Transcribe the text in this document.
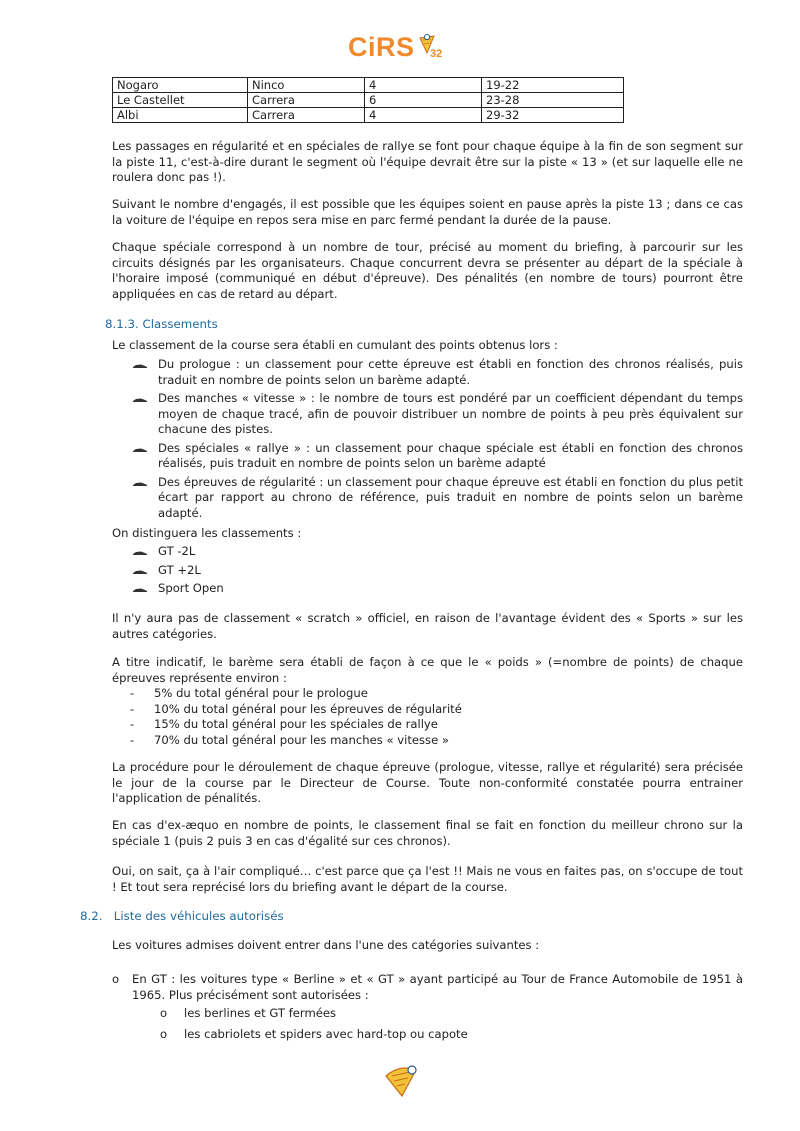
CiRS 32
Nogaro	Ninco	4	19-22
Le Castellet	Carrera	6	23-28
Albi	Carrera	4	29-32
Les passages en régularité et en spéciales de rallye se font pour chaque équipe à la fin de son segment sur la piste 11, c'est-à-dire durant le segment où l'équipe devrait être sur la piste « 13 » (et sur laquelle elle ne roulera donc pas !).
Suivant le nombre d'engagés, il est possible que les équipes soient en pause après la piste 13 ; dans ce cas la voiture de l'équipe en repos sera mise en parc fermé pendant la durée de la pause.
Chaque spéciale correspond à un nombre de tour, précisé au moment du briefing, à parcourir sur les circuits désignés par les organisateurs. Chaque concurrent devra se présenter au départ de la spéciale à l'horaire imposé (communiqué en début d'épreuve). Des pénalités (en nombre de tours) pourront être appliquées en cas de retard au départ.
8.1.3. Classements
Le classement de la course sera établi en cumulant des points obtenus lors :
Du prologue : un classement pour cette épreuve est établi en fonction des chronos réalisés, puis traduit en nombre de points selon un barème adapté.
Des manches « vitesse » : le nombre de tours est pondéré par un coefficient dépendant du temps moyen de chaque tracé, afin de pouvoir distribuer un nombre de points à peu près équivalent sur chacune des pistes.
Des spéciales « rallye » : un classement pour chaque spéciale est établi en fonction des chronos réalisés, puis traduit en nombre de points selon un barème adapté
Des épreuves de régularité : un classement pour chaque épreuve est établi en fonction du plus petit écart par rapport au chrono de référence, puis traduit en nombre de points selon un barème adapté.
On distinguera les classements :
GT -2L
GT +2L
Sport Open
Il n'y aura pas de classement « scratch » officiel, en raison de l'avantage évident des « Sports » sur les autres catégories.
A titre indicatif, le barème sera établi de façon à ce que le « poids » (=nombre de points) de chaque épreuves représente environ :
- 5% du total général pour le prologue
- 10% du total général pour les épreuves de régularité
- 15% du total général pour les spéciales de rallye
- 70% du total général pour les manches « vitesse »
La procédure pour le déroulement de chaque épreuve (prologue, vitesse, rallye et régularité) sera précisée le jour de la course par le Directeur de Course. Toute non-conformité constatée pourra entrainer l'application de pénalités.
En cas d'ex-æquo en nombre de points, le classement final se fait en fonction du meilleur chrono sur la spéciale 1 (puis 2 puis 3 en cas d'égalité sur ces chronos).
Oui, on sait, ça à l'air compliqué… c'est parce que ça l'est !! Mais ne vous en faites pas, on s'occupe de tout ! Et tout sera reprécisé lors du briefing avant le départ de la course.
8.2. Liste des véhicules autorisés
Les voitures admises doivent entrer dans l'une des catégories suivantes :
o	En GT : les voitures type « Berline » et « GT » ayant participé au Tour de France Automobile de 1951 à 1965. Plus précisément sont autorisées :
o	les berlines et GT fermées
o	les cabriolets et spiders avec hard-top ou capote
